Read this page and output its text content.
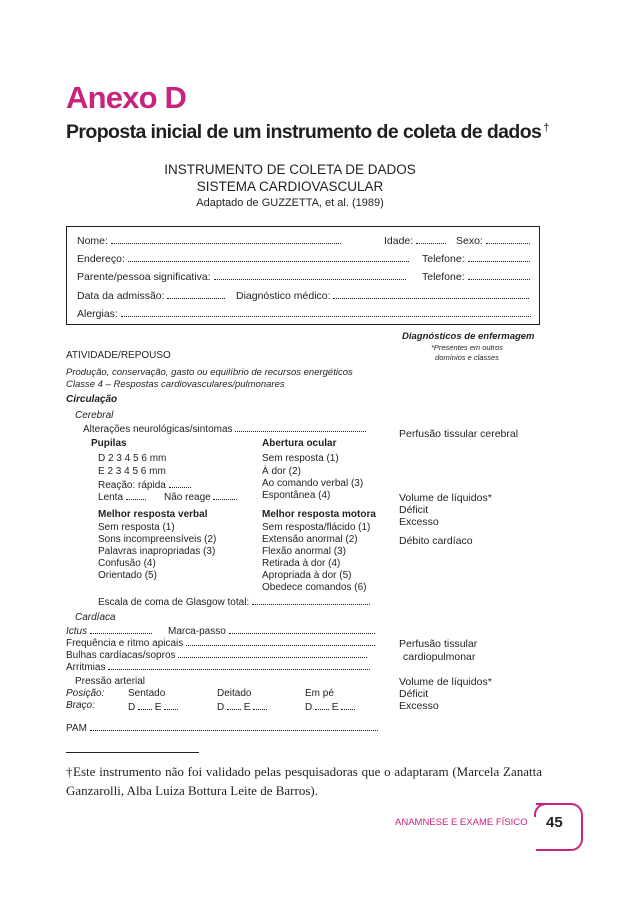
Anexo D
Proposta inicial de um instrumento de coleta de dados †
INSTRUMENTO DE COLETA DE DADOS
SISTEMA CARDIOVASCULAR
Adaptado de GUZZETTA, et al. (1989)
Nome:	Idade:	Sexo:
Endereço:	Telefone:
Parente/pessoa significativa:	Telefone:
Data da admissão:	Diagnóstico médico:
Alergias:
Diagnósticos de enfermagem
*Presentes em outros
domínios e classes
Perfusão tissular cerebral
Volume de líquidos*
Déficit
Excesso
Débito cardíaco
Perfusão tissular
cardiopulmonar
Volume de líquidos*
Déficit
Excesso
ATIVIDADE/REPOUSO
Produção, conservação, gasto ou equilíbrio de recursos energéticos
Classe 4 – Respostas cardiovasculares/pulmonares
Circulação
Cerebral
Alterações neurológicas/sintomas
Pupilas
D 2 3 4 5 6 mm
E 2 3 4 5 6 mm
Reação: rápida
Lenta	Não reage
Abertura ocular
Sem resposta (1)
À dor (2)
Ao comando verbal (3)
Espontânea (4)
Melhor resposta verbal
Sem resposta (1)
Sons incompreensíveis (2)
Palavras inapropriadas (3)
Confusão (4)
Orientado (5)
Melhor resposta motora
Sem resposta/flácido (1)
Extensão anormal (2)
Flexão anormal (3)
Retirada à dor (4)
Apropriada à dor (5)
Obedece comandos (6)
Escala de coma de Glasgow total:
Cardíaca
Ictus	Marca-passo
Frequência e ritmo apicais
Bulhas cardíacas/sopros
Arritmias
Pressão arterial
Posição: Sentado	Deitado	Em pé
Braço:	D E	D E	D E
PAM
†Este instrumento não foi validado pelas pesquisadoras que o adaptaram (Marcela Zanatta Ganzarolli, Alba Luiza Bottura Leite de Barros).
ANAMNESE E EXAME FÍSICO 45
